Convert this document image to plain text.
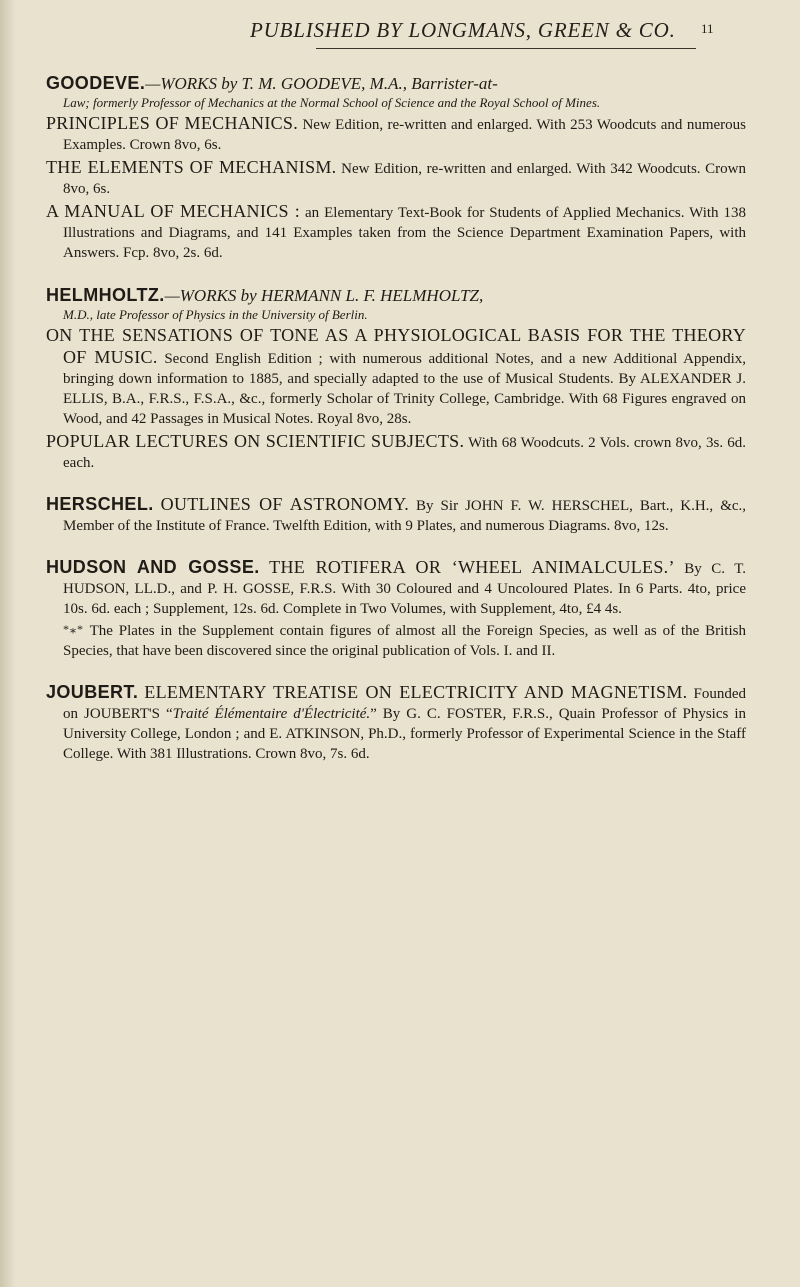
PUBLISHED BY LONGMANS, GREEN & CO. 11
GOODEVE.—WORKS by T. M. GOODEVE, M.A., Barrister-at-
Law; formerly Professor of Mechanics at the Normal School of Science and the Royal School of Mines.
PRINCIPLES OF MECHANICS. New Edition, re-written and enlarged. With 253 Woodcuts and numerous Examples. Crown 8vo, 6s.
THE ELEMENTS OF MECHANISM. New Edition, re-written and enlarged. With 342 Woodcuts. Crown 8vo, 6s.
A MANUAL OF MECHANICS : an Elementary Text-Book for Students of Applied Mechanics. With 138 Illustrations and Diagrams, and 141 Examples taken from the Science Department Examination Papers, with Answers. Fcp. 8vo, 2s. 6d.
HELMHOLTZ.—WORKS by HERMANN L. F. HELMHOLTZ,
M.D., late Professor of Physics in the University of Berlin.
ON THE SENSATIONS OF TONE AS A PHYSIOLOGICAL BASIS FOR THE THEORY OF MUSIC. Second English Edition ; with numerous additional Notes, and a new Additional Appendix, bringing down information to 1885, and specially adapted to the use of Musical Students. By ALEXANDER J. ELLIS, B.A., F.R.S., F.S.A., &c., formerly Scholar of Trinity College, Cambridge. With 68 Figures engraved on Wood, and 42 Passages in Musical Notes. Royal 8vo, 28s.
POPULAR LECTURES ON SCIENTIFIC SUBJECTS. With 68 Woodcuts. 2 Vols. crown 8vo, 3s. 6d. each.
HERSCHEL. OUTLINES OF ASTRONOMY. By Sir JOHN F. W. HERSCHEL, Bart., K.H., &c., Member of the Institute of France. Twelfth Edition, with 9 Plates, and numerous Diagrams. 8vo, 12s.
HUDSON AND GOSSE. THE ROTIFERA OR ‘WHEEL ANIMALCULES.’ By C. T. HUDSON, LL.D., and P. H. GOSSE, F.R.S. With 30 Coloured and 4 Uncoloured Plates. In 6 Parts. 4to, price 10s. 6d. each ; Supplement, 12s. 6d. Complete in Two Volumes, with Supplement, 4to, £4 4s.
*⁎* The Plates in the Supplement contain figures of almost all the Foreign Species, as well as of the British Species, that have been discovered since the original publication of Vols. I. and II.
JOUBERT. ELEMENTARY TREATISE ON ELECTRICITY AND MAGNETISM. Founded on JOUBERT'S “Traité Élémentaire d'Électricité.” By G. C. FOSTER, F.R.S., Quain Professor of Physics in University College, London ; and E. ATKINSON, Ph.D., formerly Professor of Experimental Science in the Staff College. With 381 Illustrations. Crown 8vo, 7s. 6d.
